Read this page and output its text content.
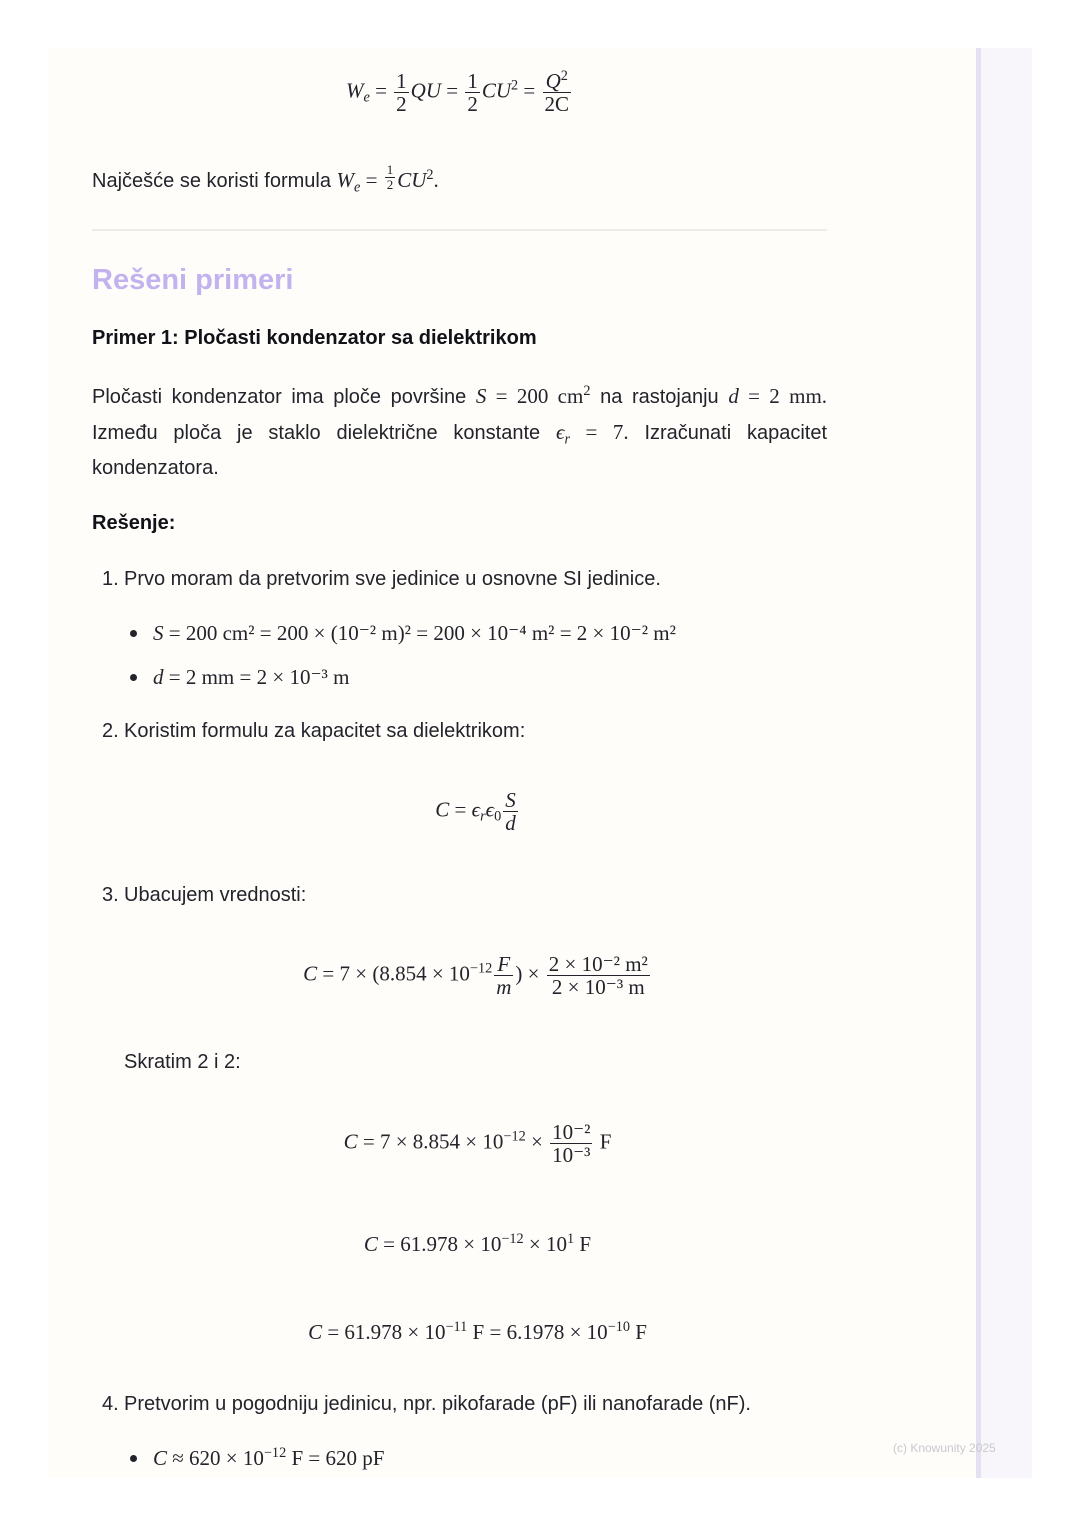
$W_e = \frac{1}{2}$ QU = $\frac{1}{2} CU^2 = \frac{Q^2}{2C}$
Najčešće se koristi formula $W_e = \frac{1}{2} CU^2$.
Rešeni primeri
Primer 1: Pločasti kondenzator sa dielektrikom
Pločasti kondenzator ima ploče površine S = 200 $cm^2$ na rastojanju d = 2 mm. Između ploča je staklo dielektrične konstante $\epsilon_r = 7$. Izračunati kapacitet kondenzatora.
Rešenje:
1. Prvo moram da pretvorim sve jedinice u osnovne SI jedinice.
S = 200 cm² = 200 × (10⁻² m)² = 200 × 10⁻⁴ m² = 2 × 10⁻² m²
d = 2 mm = 2 × 10⁻³ m
2. Koristim formulu za kapacitet sa dielektrikom:
$C = \epsilon_r\epsilon_0 \frac{S}{d}$
3. Ubacujem vrednosti:
$C = 7 \times (8.854 \times 10^{-12} \frac{F}{m}$ ) × $\frac{\text{2 × 10⁻² m²}}{\text{2 × 10⁻³ m}}$
Skratim 2 i 2:
$C = 7 \times 8.854 \times 10^{-12} \times \frac{\text{10⁻²}}{\text{10⁻³}}$ F
$C = 61.978 \times 10^{-12} \times 10^1$ F
$C = 61.978 \times 10^{-11}$ $F = 6.1978 \times 10^{-10}$ F
4. Pretvorim u pogodniju jedinicu, npr. pikofarade (pF) ili nanofarade (nF).
$C \approx 620 \times 10^{-12}$ F = 620 pF	(c) Knowunity 2025
